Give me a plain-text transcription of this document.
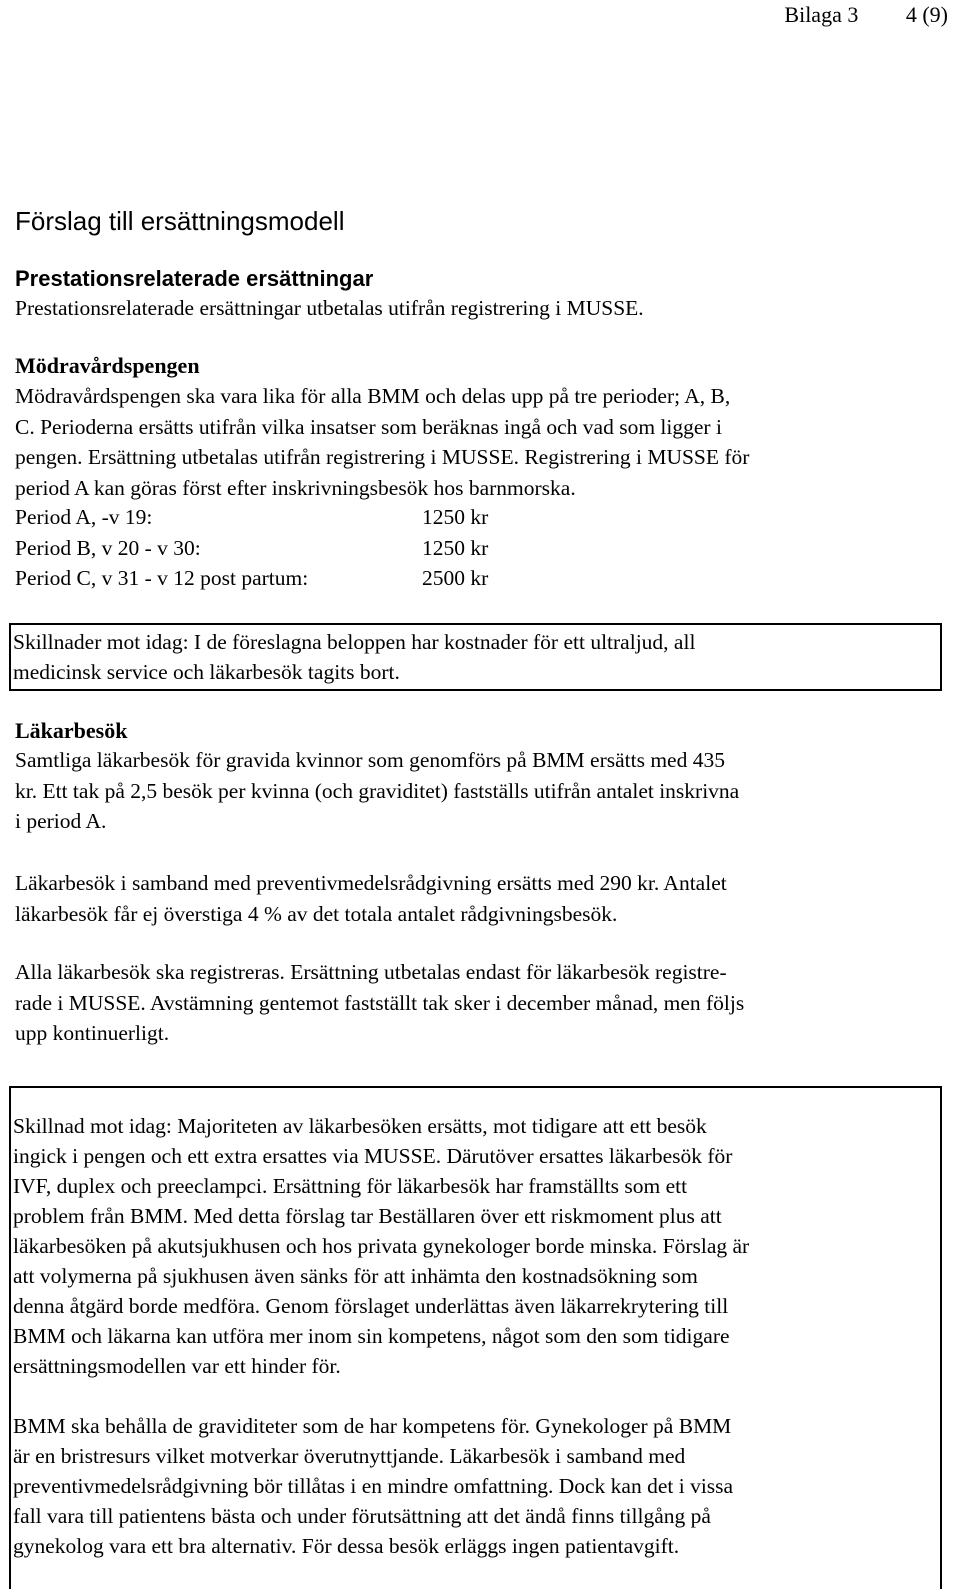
Bilaga 3 4 (9)
Förslag till ersättningsmodell
Prestationsrelaterade ersättningar
Prestationsrelaterade ersättningar utbetalas utifrån registrering i MUSSE.
Mödravårdspengen
Mödravårdspengen ska vara lika för alla BMM och delas upp på tre perioder; A, B,
C. Perioderna ersätts utifrån vilka insatser som beräknas ingå och vad som ligger i
pengen. Ersättning utbetalas utifrån registrering i MUSSE. Registrering i MUSSE för
period A kan göras först efter inskrivningsbesök hos barnmorska.
Period A, -v 19:	1250 kr
Period B, v 20 - v 30:	1250 kr
Period C, v 31 - v 12 post partum:	2500 kr
Skillnader mot idag: I de föreslagna beloppen har kostnader för ett ultraljud, all
medicinsk service och läkarbesök tagits bort.
Läkarbesök
Samtliga läkarbesök för gravida kvinnor som genomförs på BMM ersätts med 435
kr. Ett tak på 2,5 besök per kvinna (och graviditet) fastställs utifrån antalet inskrivna
i period A.
Läkarbesök i samband med preventivmedelsrådgivning ersätts med 290 kr. Antalet
läkarbesök får ej överstiga 4 % av det totala antalet rådgivningsbesök.
Alla läkarbesök ska registreras. Ersättning utbetalas endast för läkarbesök registre-
rade i MUSSE. Avstämning gentemot fastställt tak sker i december månad, men följs
upp kontinuerligt.
Skillnad mot idag: Majoriteten av läkarbesöken ersätts, mot tidigare att ett besök
ingick i pengen och ett extra ersattes via MUSSE. Därutöver ersattes läkarbesök för
IVF, duplex och preeclampci. Ersättning för läkarbesök har framställts som ett
problem från BMM. Med detta förslag tar Beställaren över ett riskmoment plus att
läkarbesöken på akutsjukhusen och hos privata gynekologer borde minska. Förslag är
att volymerna på sjukhusen även sänks för att inhämta den kostnadsökning som
denna åtgärd borde medföra. Genom förslaget underlättas även läkarrekrytering till
BMM och läkarna kan utföra mer inom sin kompetens, något som den som tidigare
ersättningsmodellen var ett hinder för.
BMM ska behålla de graviditeter som de har kompetens för. Gynekologer på BMM
är en bristresurs vilket motverkar överutnyttjande. Läkarbesök i samband med
preventivmedelsrådgivning bör tillåtas i en mindre omfattning. Dock kan det i vissa
fall vara till patientens bästa och under förutsättning att det ändå finns tillgång på
gynekolog vara ett bra alternativ. För dessa besök erläggs ingen patientavgift.
